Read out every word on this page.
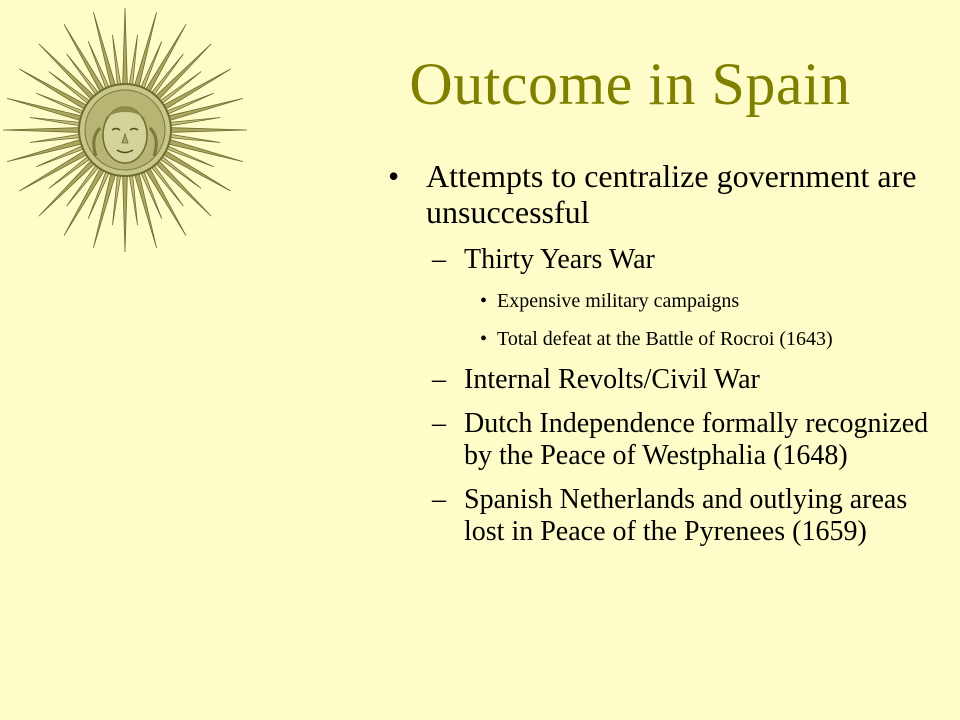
Outcome in Spain
• Attempts to centralize government are unsuccessful
– Thirty Years War
• Expensive military campaigns
• Total defeat at the Battle of Rocroi (1643)
– Internal Revolts/Civil War
– Dutch Independence formally recognized by the Peace of Westphalia (1648)
– Spanish Netherlands and outlying areas lost in Peace of the Pyrenees (1659)
